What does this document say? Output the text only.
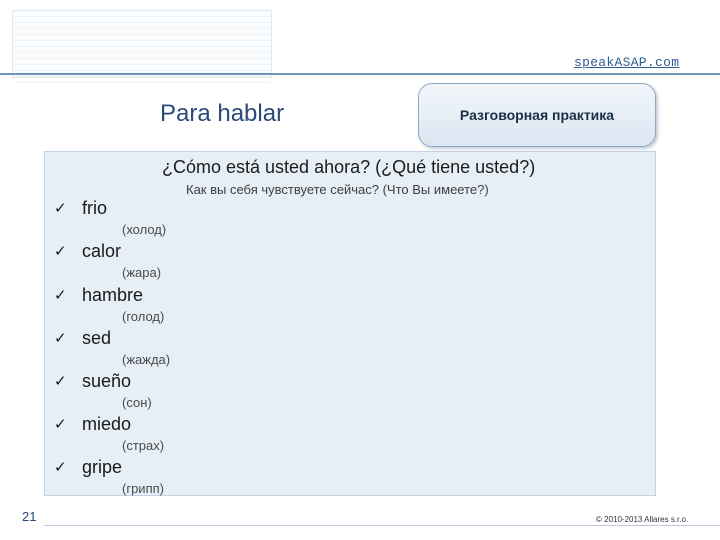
speakASAP.com
Para hablar	Разговорная практика
¿Cómo está usted ahora? (¿Qué tiene usted?)
Как вы себя чувствуете сейчас? (Что Вы имеете?)
✓ frio
(холод)
✓ calor
(жара)
✓ hambre
(голод)
✓ sed
(жажда)
✓ sueño
(сон)
✓ miedo
(страх)
✓ gripe
(грипп)
21	© 2010-2013 Allares s.r.o.
